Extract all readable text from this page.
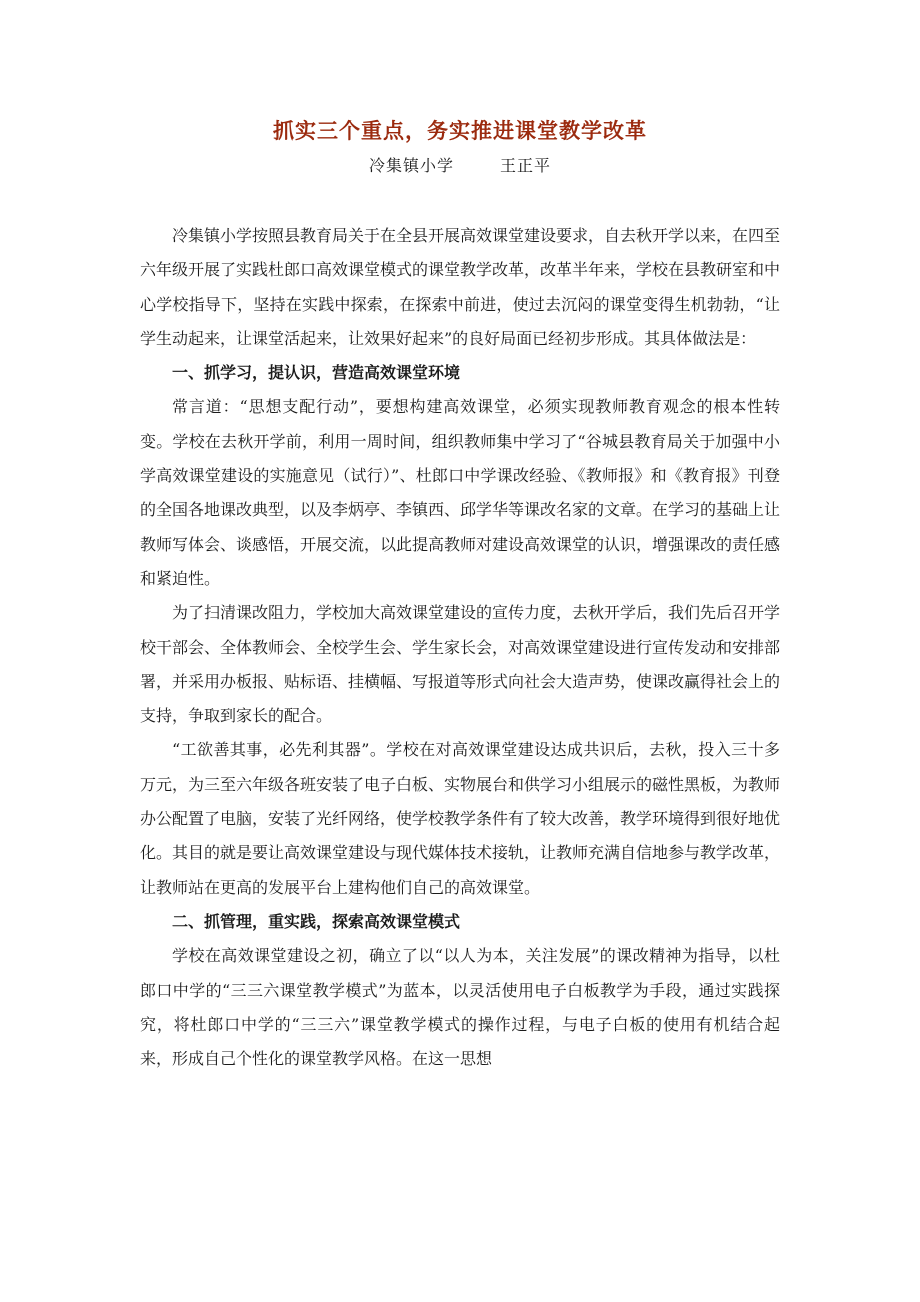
抓实三个重点，务实推进课堂教学改革
冷集镇小学	王正平

冷集镇小学按照县教育局关于在全县开展高效课堂建设要求，自去秋开学以来，在四至六年级开展了实践杜郎口高效课堂模式的课堂教学改革，改革半年来，学校在县教研室和中心学校指导下，坚持在实践中探索，在探索中前进，使过去沉闷的课堂变得生机勃勃，“让学生动起来，让课堂活起来，让效果好起来”的良好局面已经初步形成。其具体做法是：

一、抓学习，提认识，营造高效课堂环境

常言道：“思想支配行动”，要想构建高效课堂，必须实现教师教育观念的根本性转变。学校在去秋开学前，利用一周时间，组织教师集中学习了“谷城县教育局关于加强中小学高效课堂建设的实施意见（试行）”、杜郎口中学课改经验、《教师报》和《教育报》刊登的全国各地课改典型，以及李炳亭、李镇西、邱学华等课改名家的文章。在学习的基础上让教师写体会、谈感悟，开展交流，以此提高教师对建设高效课堂的认识，增强课改的责任感和紧迫性。

为了扫清课改阻力，学校加大高效课堂建设的宣传力度，去秋开学后，我们先后召开学校干部会、全体教师会、全校学生会、学生家长会，对高效课堂建设进行宣传发动和安排部署，并采用办板报、贴标语、挂横幅、写报道等形式向社会大造声势，使课改赢得社会上的支持，争取到家长的配合。

“工欲善其事，必先利其器”。学校在对高效课堂建设达成共识后，去秋，投入三十多万元，为三至六年级各班安装了电子白板、实物展台和供学习小组展示的磁性黑板，为教师办公配置了电脑，安装了光纤网络，使学校教学条件有了较大改善，教学环境得到很好地优化。其目的就是要让高效课堂建设与现代媒体技术接轨，让教师充满自信地参与教学改革，让教师站在更高的发展平台上建构他们自己的高效课堂。

二、抓管理，重实践，探索高效课堂模式

学校在高效课堂建设之初，确立了以“以人为本，关注发展”的课改精神为指导，以杜郎口中学的“三三六课堂教学模式”为蓝本，以灵活使用电子白板教学为手段，通过实践探究，将杜郎口中学的“三三六”课堂教学模式的操作过程，与电子白板的使用有机结合起来，形成自己个性化的课堂教学风格。在这一思想
